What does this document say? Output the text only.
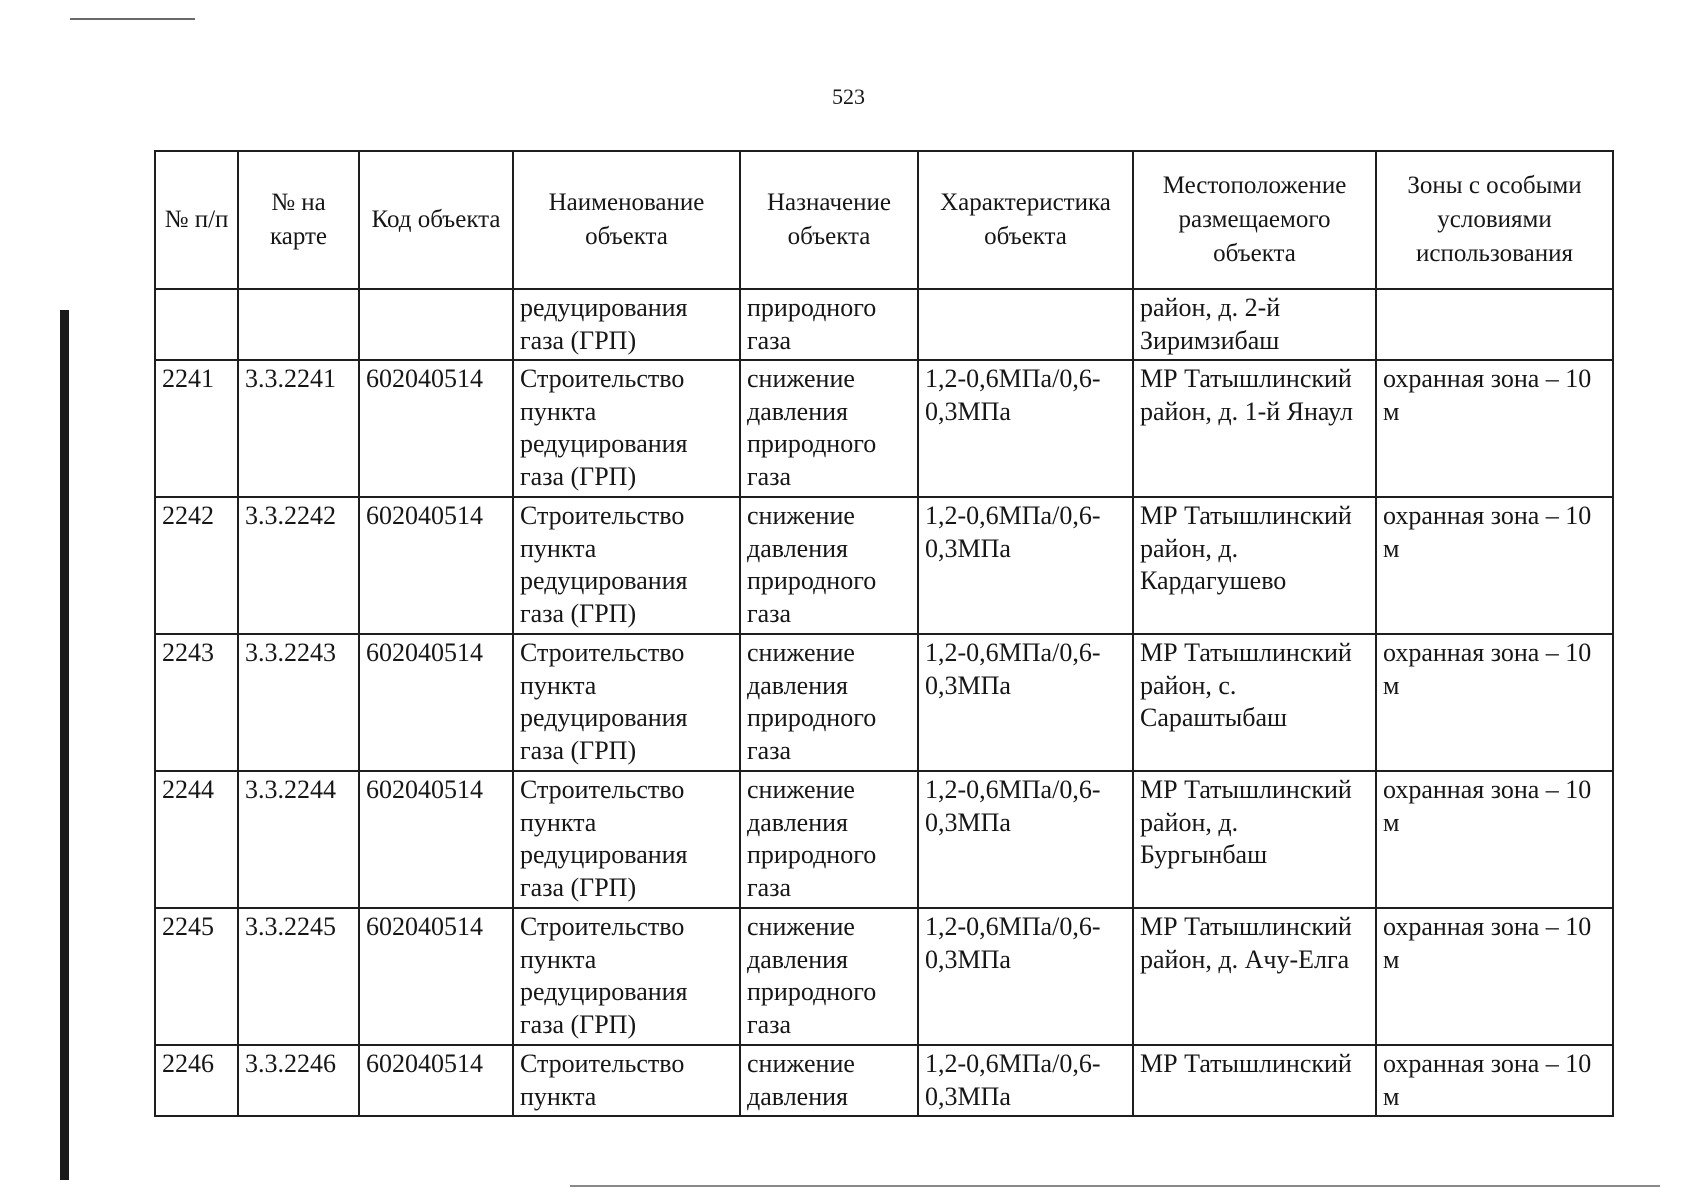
523
№ п/п	№ на карте	Код объекта	Наименование объекта	Назначение объекта	Характеристика объекта	Местоположение размещаемого объекта	Зоны с особыми условиями использования
			редуцирования газа (ГРП)	природного газа		район, д. 2-й Зиримзибаш	
2241	3.3.2241	602040514	Строительство пункта редуцирования газа (ГРП)	снижение давления природного газа	1,2-0,6МПа/0,6-0,3МПа	МР Татышлинский район, д. 1-й Янаул	охранная зона – 10 м
2242	3.3.2242	602040514	Строительство пункта редуцирования газа (ГРП)	снижение давления природного газа	1,2-0,6МПа/0,6-0,3МПа	МР Татышлинский район, д. Кардагушево	охранная зона – 10 м
2243	3.3.2243	602040514	Строительство пункта редуцирования газа (ГРП)	снижение давления природного газа	1,2-0,6МПа/0,6-0,3МПа	МР Татышлинский район, с. Сараштыбаш	охранная зона – 10 м
2244	3.3.2244	602040514	Строительство пункта редуцирования газа (ГРП)	снижение давления природного газа	1,2-0,6МПа/0,6-0,3МПа	МР Татышлинский район, д. Бургынбаш	охранная зона – 10 м
2245	3.3.2245	602040514	Строительство пункта редуцирования газа (ГРП)	снижение давления природного газа	1,2-0,6МПа/0,6-0,3МПа	МР Татышлинский район, д. Ачу-Елга	охранная зона – 10 м
2246	3.3.2246	602040514	Строительство пункта	снижение давления	1,2-0,6МПа/0,6-0,3МПа	МР Татышлинский	охранная зона – 10 м
